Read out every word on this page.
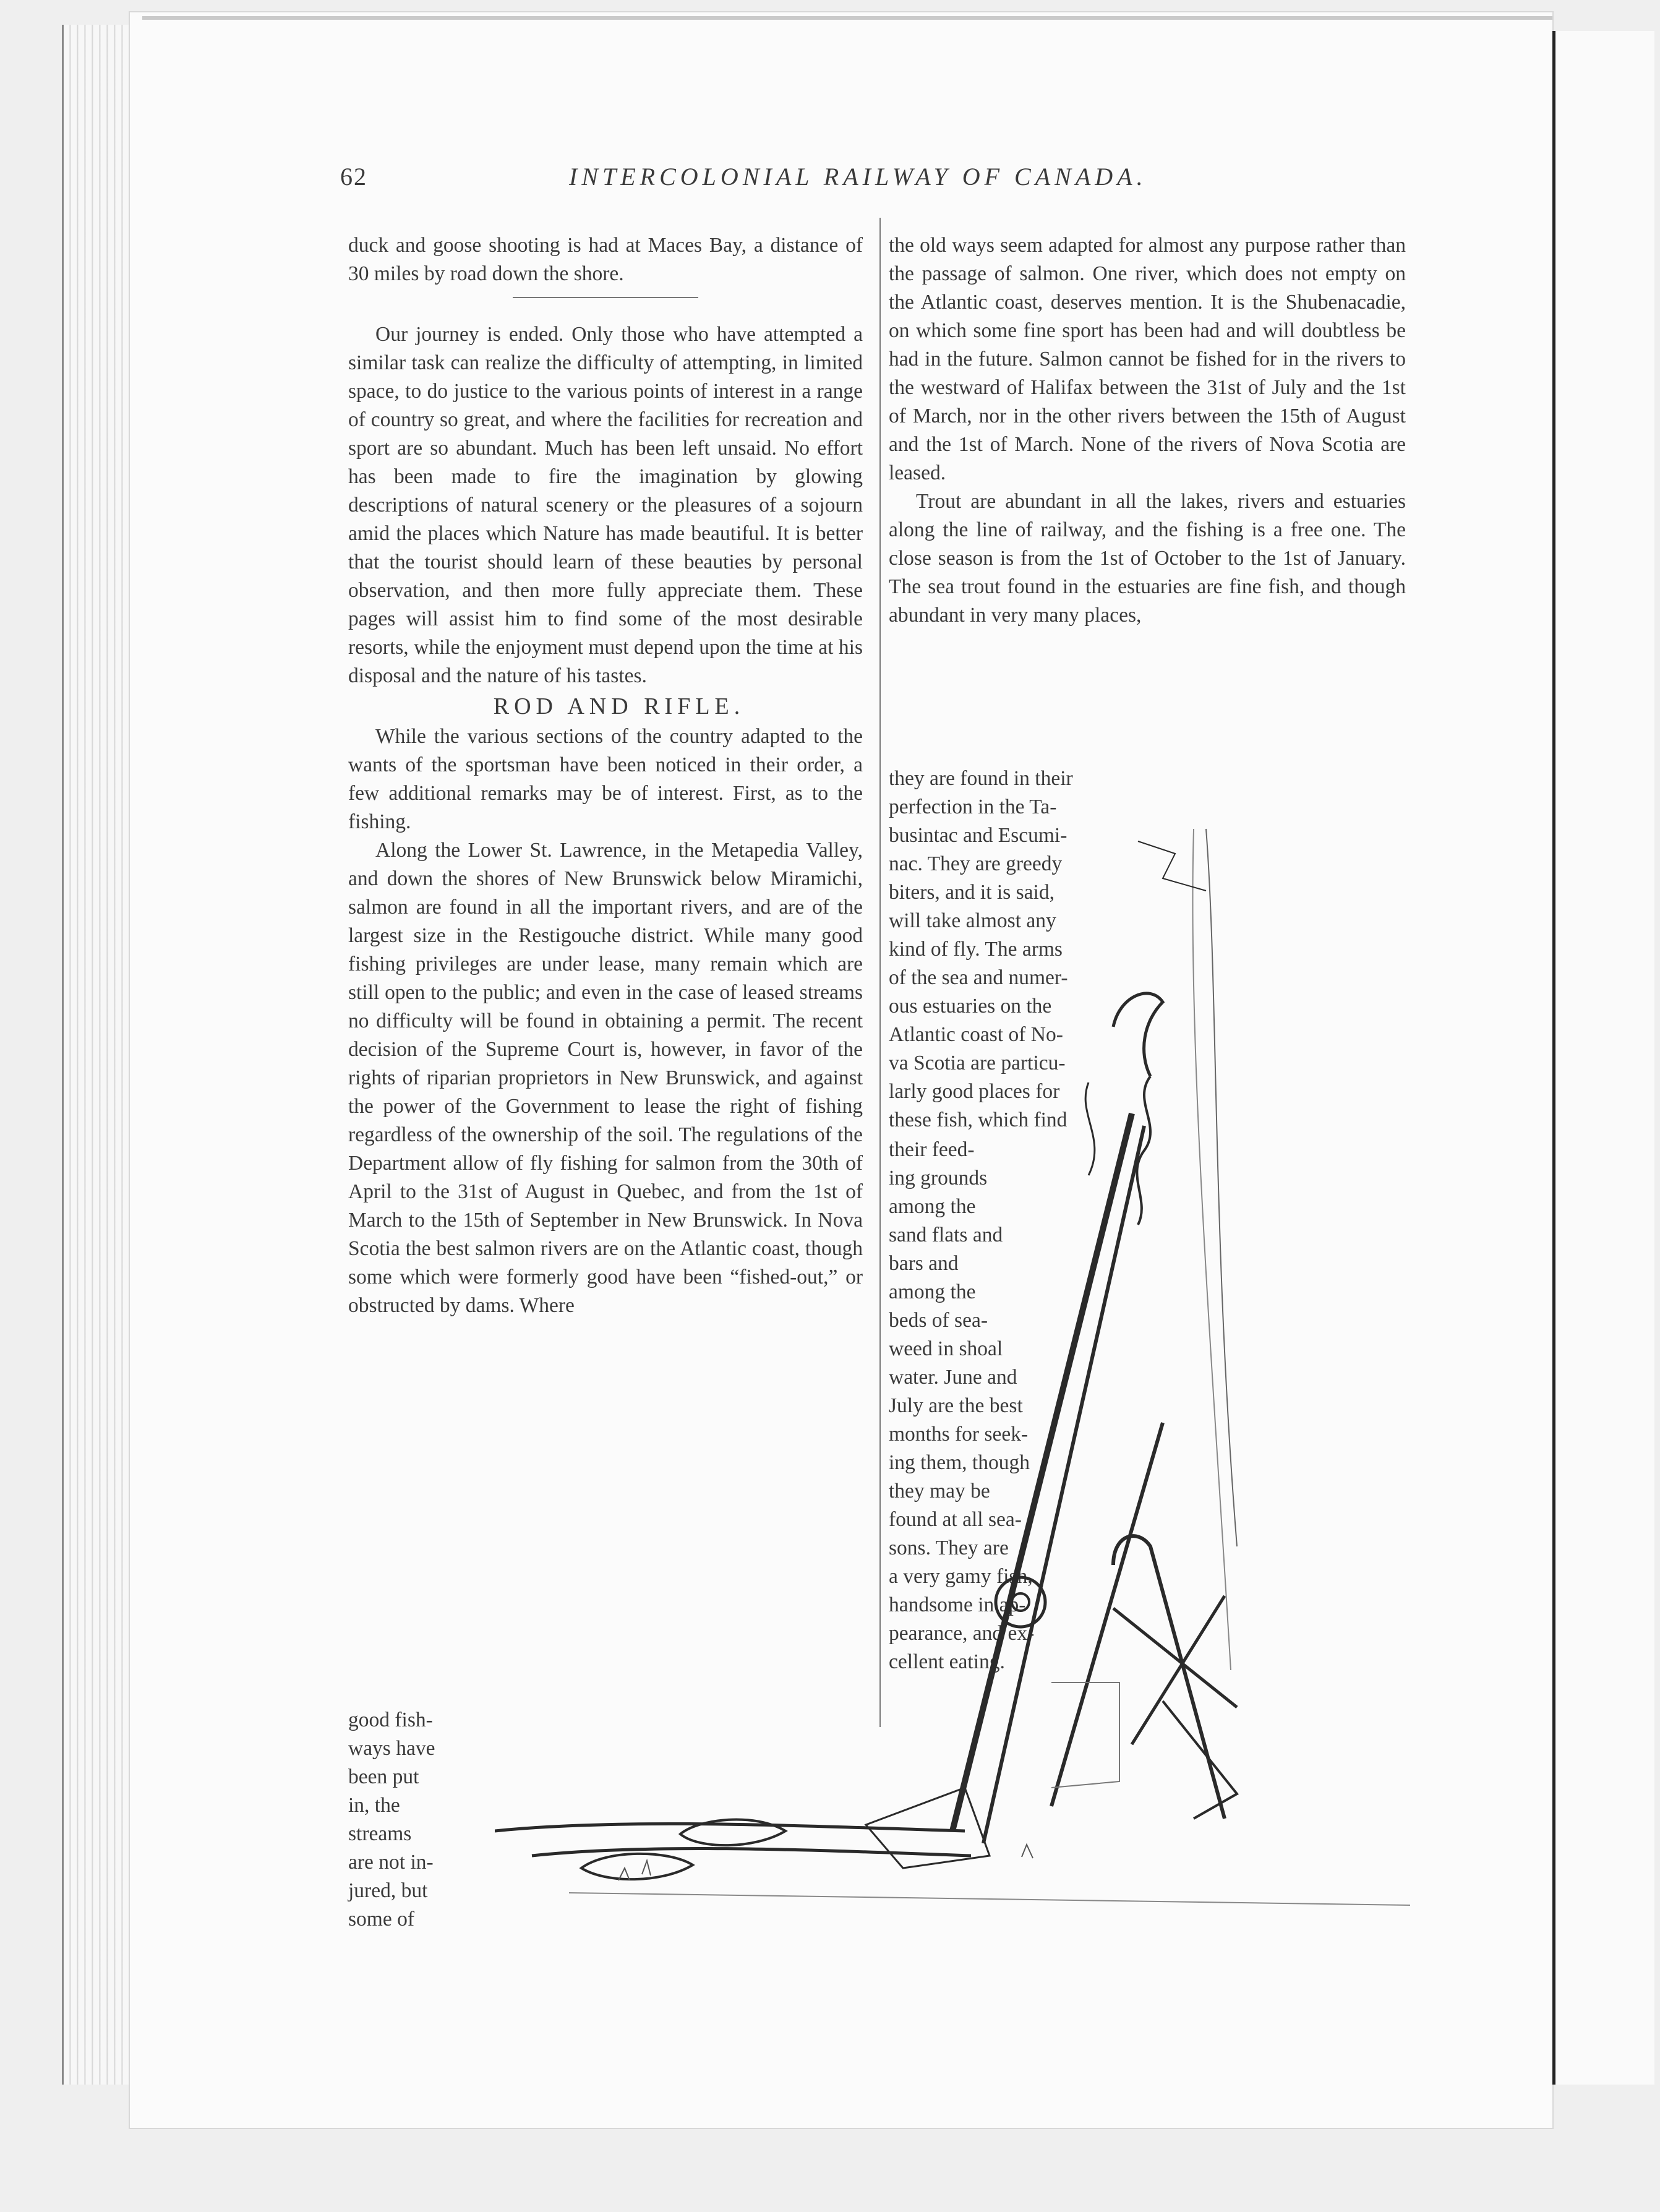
62	INTERCOLONIAL RAILWAY OF CANADA.

duck and goose shooting is had at Maces Bay, a distance of 30 miles by road down the shore.

Our journey is ended. Only those who have attempted a similar task can realize the difficulty of attempting, in limited space, to do justice to the various points of interest in a range of country so great, and where the facilities for recreation and sport are so abundant. Much has been left unsaid. No effort has been made to fire the imagination by glowing descriptions of natural scenery or the pleasures of a sojourn amid the places which Nature has made beautiful. It is better that the tourist should learn of these beauties by personal observation, and then more fully appreciate them. These pages will assist him to find some of the most desirable resorts, while the enjoyment must depend upon the time at his disposal and the nature of his tastes.

ROD AND RIFLE.

While the various sections of the country adapted to the wants of the sportsman have been noticed in their order, a few additional remarks may be of interest. First, as to the fishing.

Along the Lower St. Lawrence, in the Metapedia Valley, and down the shores of New Brunswick below Miramichi, salmon are found in all the important rivers, and are of the largest size in the Restigouche district. While many good fishing privileges are under lease, many remain which are still open to the public; and even in the case of leased streams no difficulty will be found in obtaining a permit. The recent decision of the Supreme Court is, however, in favor of the rights of riparian proprietors in New Brunswick, and against the power of the Government to lease the right of fishing regardless of the ownership of the soil. The regulations of the Department allow of fly fishing for salmon from the 30th of April to the 31st of August in Quebec, and from the 1st of March to the 15th of September in New Brunswick. In Nova Scotia the best salmon rivers are on the Atlantic coast, though some which were formerly good have been “fished-out,” or obstructed by dams. Where

good fish-
ways have
been put
in, the
streams
are not in-
jured, but
some of

the old ways seem adapted for almost any purpose rather than the passage of salmon. One river, which does not empty on the Atlantic coast, deserves mention. It is the Shubenacadie, on which some fine sport has been had and will doubtless be had in the future. Salmon cannot be fished for in the rivers to the westward of Halifax between the 31st of July and the 1st of March, nor in the other rivers between the 15th of August and the 1st of March. None of the rivers of Nova Scotia are leased.

Trout are abundant in all the lakes, rivers and estuaries along the line of railway, and the fishing is a free one. The close season is from the 1st of October to the 1st of January. The sea trout found in the estuaries are fine fish, and though abundant in very many places,

they are found in their
perfection in the Ta-
busintac and Escumi-
nac. They are greedy
biters, and it is said,
will take almost any
kind of fly. The arms
of the sea and numer-
ous estuaries on the
Atlantic coast of No-
va Scotia are particu-
larly good places for
these fish, which find
their feed-
ing grounds
among the
sand flats and
bars and
among the
beds of sea-
weed in shoal
water. June and
July are the best
months for seek-
ing them, though
they may be
found at all sea-
sons. They are
a very gamy fish,
handsome in ap-
pearance, and ex-
cellent eating.
